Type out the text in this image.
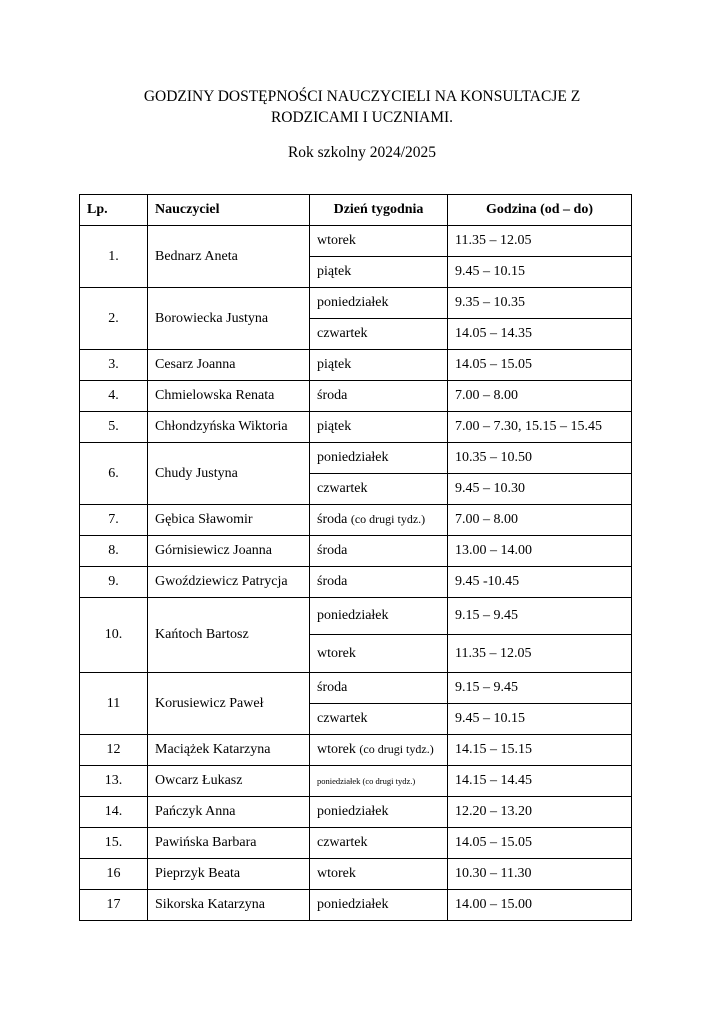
GODZINY DOSTĘPNOŚCI NAUCZYCIELI NA KONSULTACJE Z
RODZICAMI I UCZNIAMI.
Rok szkolny 2024/2025
Lp.	Nauczyciel	Dzień tygodnia	Godzina (od – do)
1.	Bednarz Aneta	wtorek	11.35 – 12.05
		piątek	9.45 – 10.15
2.	Borowiecka Justyna	poniedziałek	9.35 – 10.35
		czwartek	14.05 – 14.35
3.	Cesarz Joanna	piątek	14.05 – 15.05
4.	Chmielowska Renata	środa	7.00 – 8.00
5.	Chłondzyńska Wiktoria	piątek	7.00 – 7.30, 15.15 – 15.45
6.	Chudy Justyna	poniedziałek	10.35 – 10.50
		czwartek	9.45 – 10.30
7.	Gębica Sławomir	środa (co drugi tydz.)	7.00 – 8.00
8.	Górnisiewicz Joanna	środa	13.00 – 14.00
9.	Gwoździewicz Patrycja	środa	9.45 -10.45
10.	Kańtoch Bartosz	poniedziałek	9.15 – 9.45
		wtorek	11.35 – 12.05
11	Korusiewicz Paweł	środa	9.15 – 9.45
		czwartek	9.45 – 10.15
12	Maciążek Katarzyna	wtorek (co drugi tydz.)	14.15 – 15.15
13.	Owcarz Łukasz	poniedziałek (co drugi tydz.)	14.15 – 14.45
14.	Pańczyk Anna	poniedziałek	12.20 – 13.20
15.	Pawińska Barbara	czwartek	14.05 – 15.05
16	Pieprzyk Beata	wtorek	10.30 – 11.30
17	Sikorska Katarzyna	poniedziałek	14.00 – 15.00
